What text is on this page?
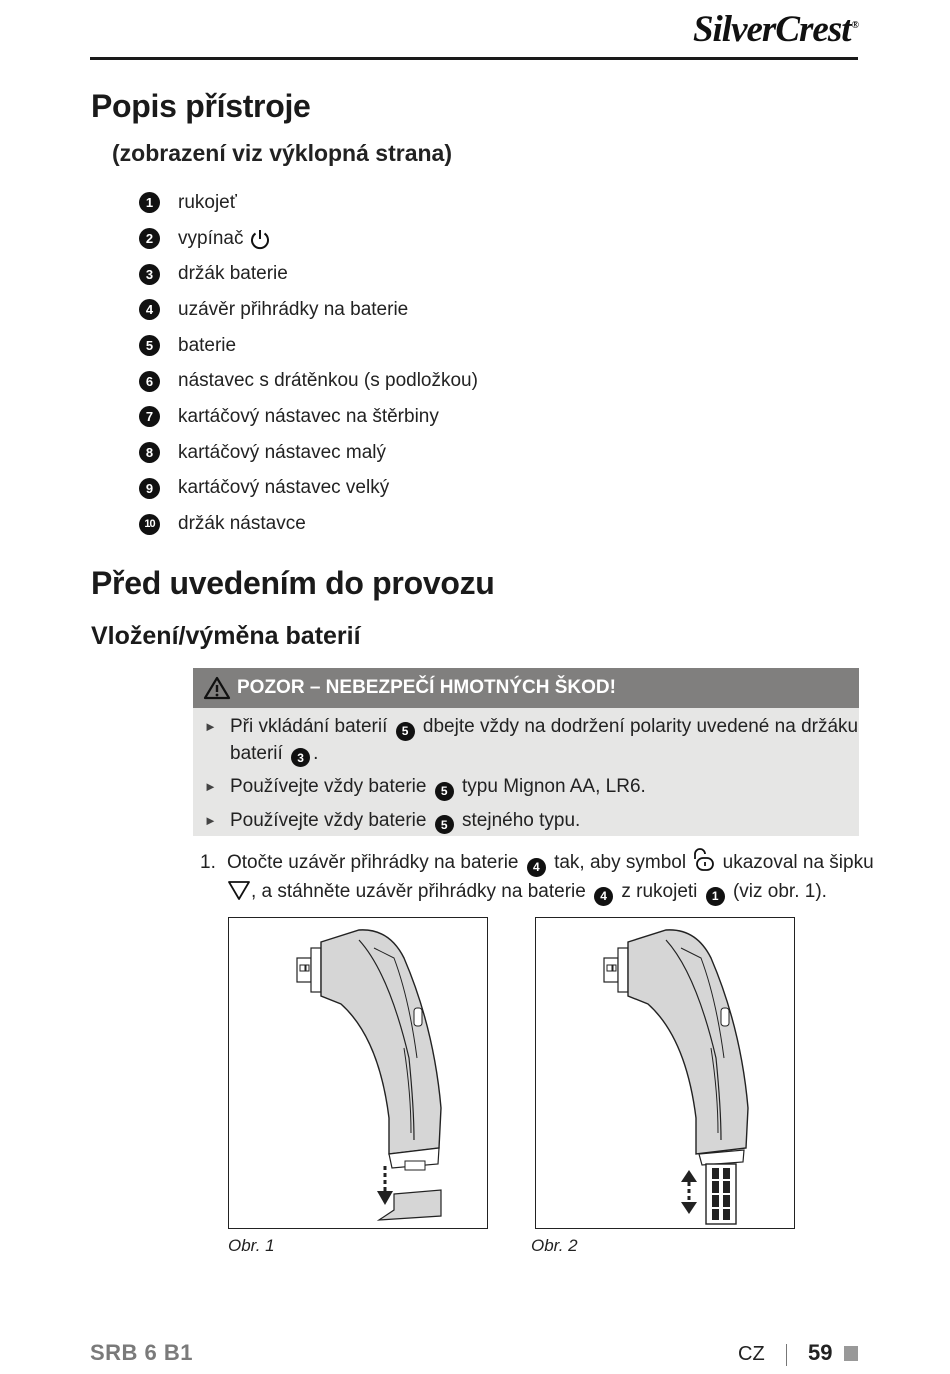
SilverCrest®
Popis přístroje
(zobrazení viz výklopná strana)
1	rukojeť
2	vypínač
3	držák baterie
4	uzávěr přihrádky na baterie
5	baterie
6	nástavec s drátěnkou (s podložkou)
7	kartáčový nástavec na štěrbiny
8	kartáčový nástavec malý
9	kartáčový nástavec velký
10 držák nástavce
Před uvedením do provozu
Vložení/výměna baterií
POZOR – NEBEZPEČÍ HMOTNÝCH ŠKOD!
► Při vkládání baterií 5 dbejte vždy na dodržení polarity uvedené na držáku baterií 3 .
► Používejte vždy baterie 5 typu Mignon AA, LR6.
► Používejte vždy baterie 5 stejného typu.
1. Otočte uzávěr přihrádky na baterie 4 tak, aby symbol ukazoval na šipku , a stáhněte uzávěr přihrádky na baterie 4 z rukojeti 1 (viz obr. 1).
Obr. 1	Obr. 2
SRB 6 B1	CZ 59
